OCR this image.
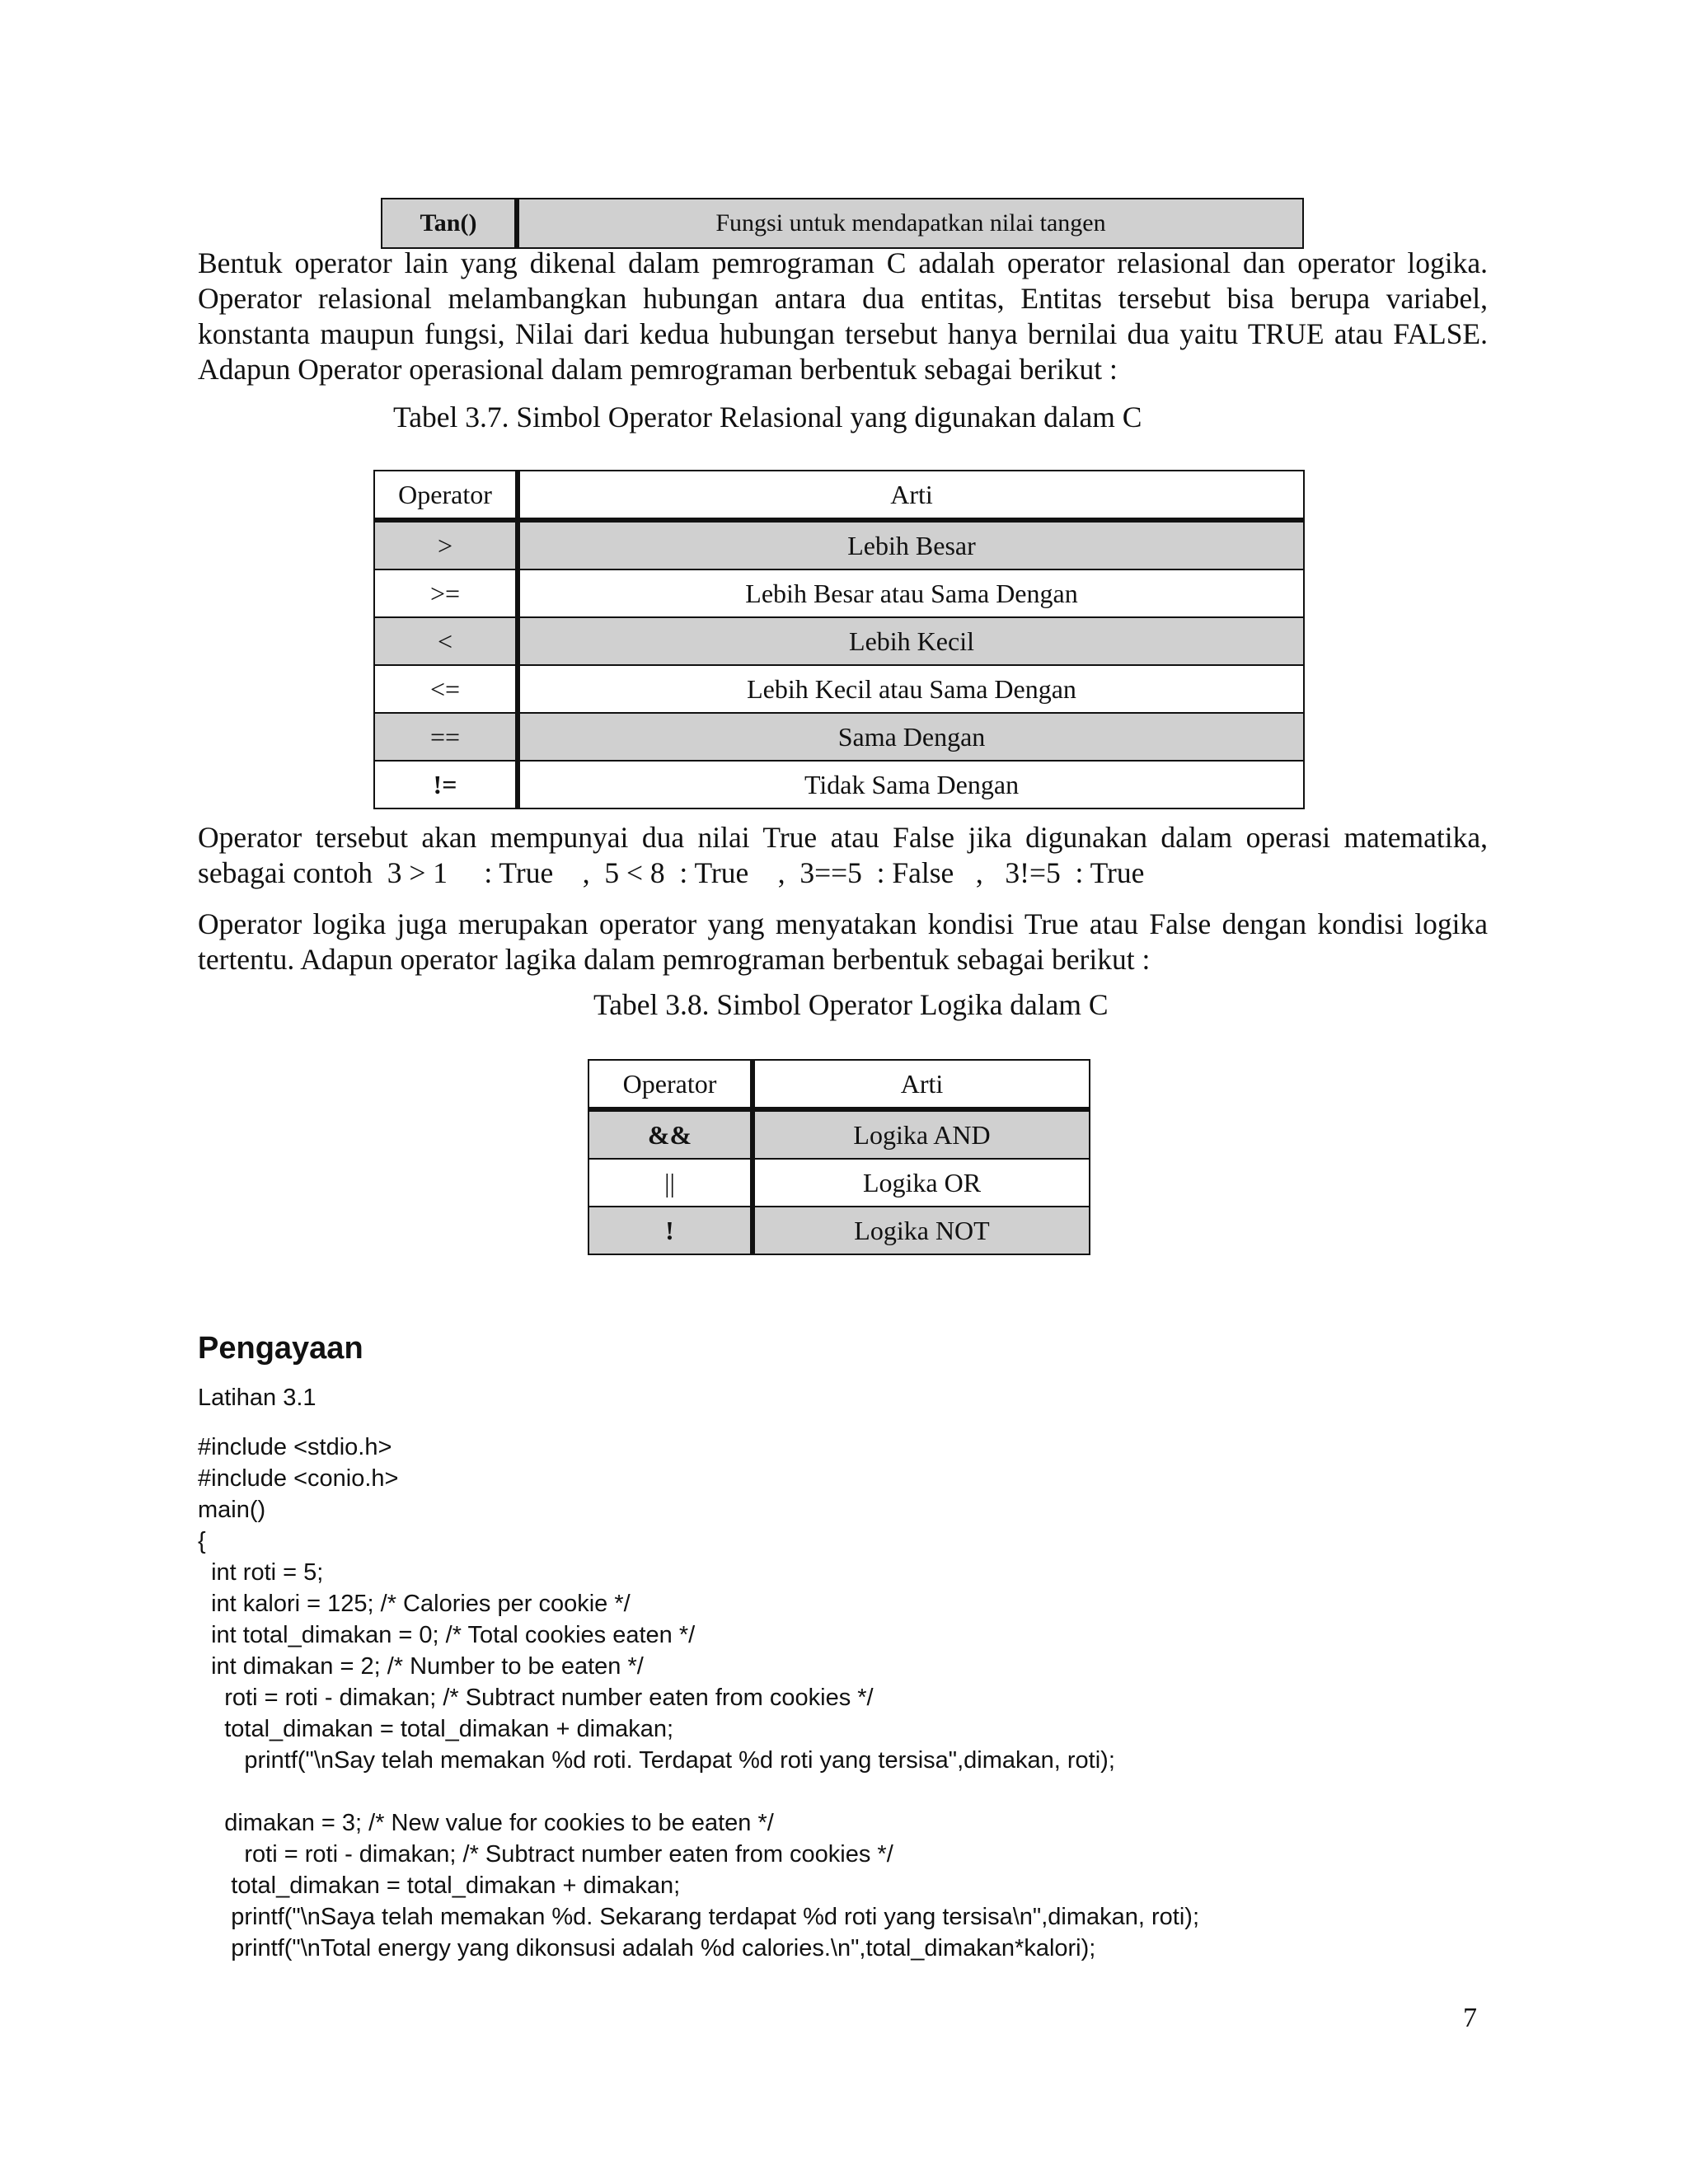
Tan()	Fungsi untuk mendapatkan nilai tangen

Bentuk operator lain yang dikenal dalam pemrograman C adalah operator relasional dan operator logika. Operator relasional melambangkan hubungan antara dua entitas, Entitas tersebut bisa berupa variabel, konstanta maupun fungsi, Nilai dari kedua hubungan tersebut hanya bernilai dua yaitu TRUE atau FALSE. Adapun Operator operasional dalam pemrograman berbentuk sebagai berikut :

Tabel 3.7. Simbol Operator Relasional yang digunakan dalam C

Operator	Arti
>	Lebih Besar
>=	Lebih Besar atau Sama Dengan
<	Lebih Kecil
<=	Lebih Kecil atau Sama Dengan
==	Sama Dengan
!=	Tidak Sama Dengan

Operator tersebut akan mempunyai dua nilai True atau False jika digunakan dalam operasi matematika, sebagai contoh  3 > 1     : True    ,  5 < 8  : True    ,  3==5  : False   ,   3!=5  : True

Operator logika juga merupakan operator yang menyatakan kondisi True atau False dengan kondisi logika tertentu. Adapun operator lagika dalam pemrograman berbentuk sebagai berikut :

Tabel 3.8. Simbol Operator Logika dalam C

Operator	Arti
&&	Logika AND
||	Logika OR
!	Logika NOT
Pengayaan

Latihan 3.1

#include <stdio.h>
#include <conio.h>
main()
{
int roti = 5;
int kalori = 125; /* Calories per cookie */
int total_dimakan = 0; /* Total cookies eaten */
int dimakan = 2; /* Number to be eaten */
roti = roti - dimakan; /* Subtract number eaten from cookies */
total_dimakan = total_dimakan + dimakan;
printf("\nSay telah memakan %d roti. Terdapat %d roti yang tersisa",dimakan, roti);
dimakan = 3; /* New value for cookies to be eaten */
roti = roti - dimakan; /* Subtract number eaten from cookies */
total_dimakan = total_dimakan + dimakan;
printf("\nSaya telah memakan %d. Sekarang terdapat %d roti yang tersisa\n",dimakan, roti);
printf("\nTotal energy yang dikonsusi adalah %d calories.\n",total_dimakan*kalori);

7
